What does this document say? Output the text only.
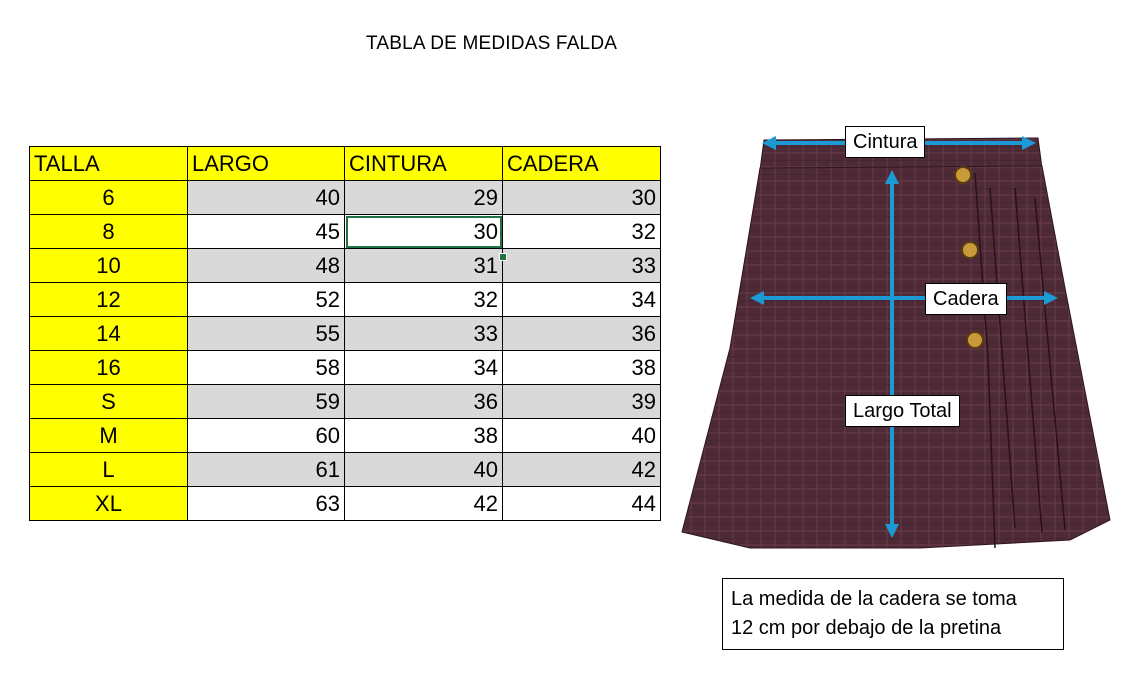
TABLA DE MEDIDAS FALDA
TALLA	LARGO	CINTURA	CADERA
6	40	29	30
8	45	30	32
10	48	31	33
12	52	32	34
14	55	33	36
16	58	34	38
S	59	36	39
M	60	38	40
L	61	40	42
XL	63	42	44
Cintura
Cadera
Largo Total
La medida de la cadera se toma
12 cm por debajo de la pretina
